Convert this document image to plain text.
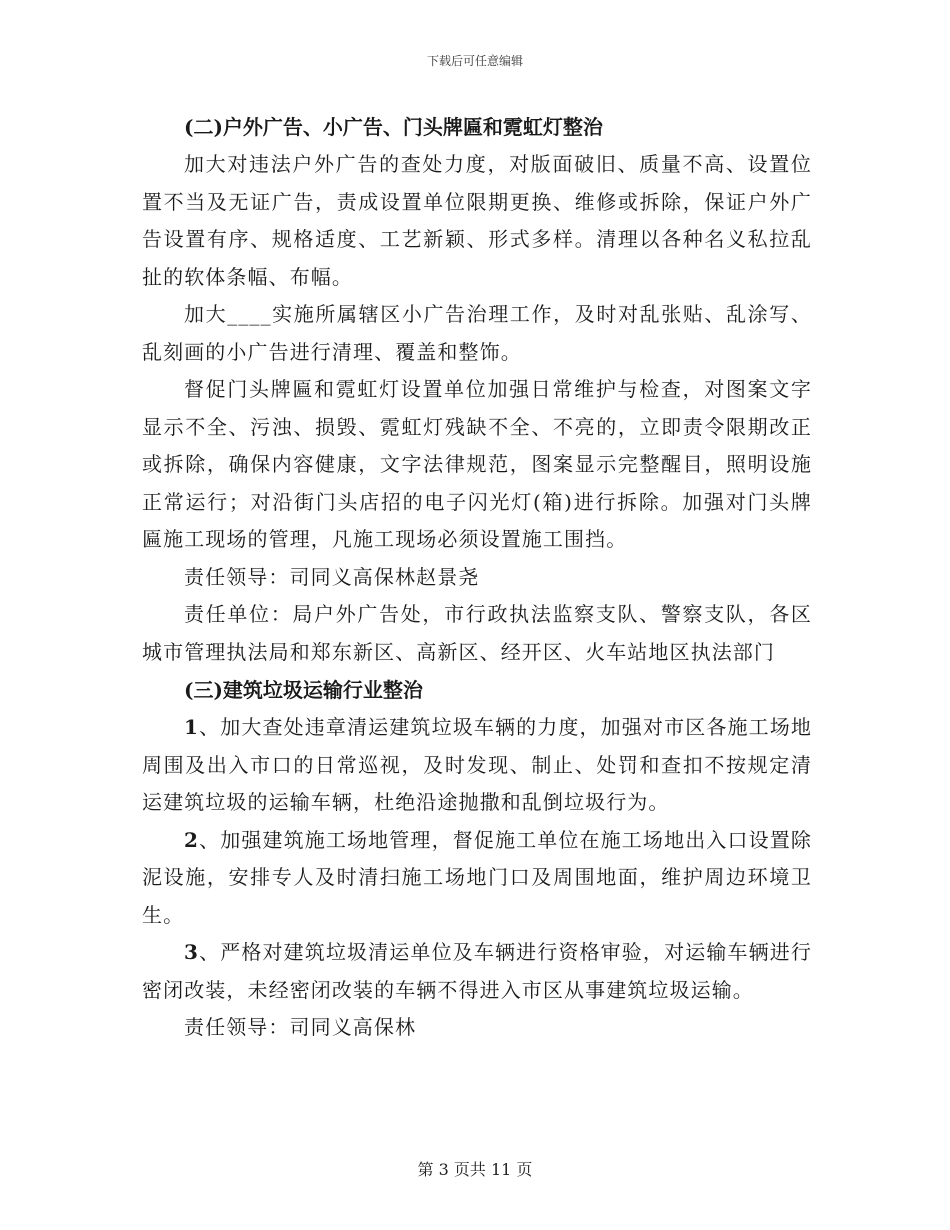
下载后可任意编辑

(二)户外广告、小广告、门头牌匾和霓虹灯整治

加大对违法户外广告的查处力度，对版面破旧、质量不高、设置位置不当及无证广告，责成设置单位限期更换、维修或拆除，保证户外广告设置有序、规格适度、工艺新颖、形式多样。清理以各种名义私拉乱扯的软体条幅、布幅。

加大____实施所属辖区小广告治理工作，及时对乱张贴、乱涂写、乱刻画的小广告进行清理、覆盖和整饰。

督促门头牌匾和霓虹灯设置单位加强日常维护与检查，对图案文字显示不全、污浊、损毁、霓虹灯残缺不全、不亮的，立即责令限期改正或拆除，确保内容健康，文字法律规范，图案显示完整醒目，照明设施正常运行；对沿街门头店招的电子闪光灯(箱)进行拆除。加强对门头牌匾施工现场的管理，凡施工现场必须设置施工围挡。

责任领导：司同义高保林赵景尧

责任单位：局户外广告处，市行政执法监察支队、警察支队，各区城市管理执法局和郑东新区、高新区、经开区、火车站地区执法部门

(三)建筑垃圾运输行业整治

1、加大查处违章清运建筑垃圾车辆的力度，加强对市区各施工场地周围及出入市口的日常巡视，及时发现、制止、处罚和查扣不按规定清运建筑垃圾的运输车辆，杜绝沿途抛撒和乱倒垃圾行为。

2、加强建筑施工场地管理，督促施工单位在施工场地出入口设置除泥设施，安排专人及时清扫施工场地门口及周围地面，维护周边环境卫生。

3、严格对建筑垃圾清运单位及车辆进行资格审验，对运输车辆进行密闭改装，未经密闭改装的车辆不得进入市区从事建筑垃圾运输。

责任领导：司同义高保林

第 3 页共 11 页
